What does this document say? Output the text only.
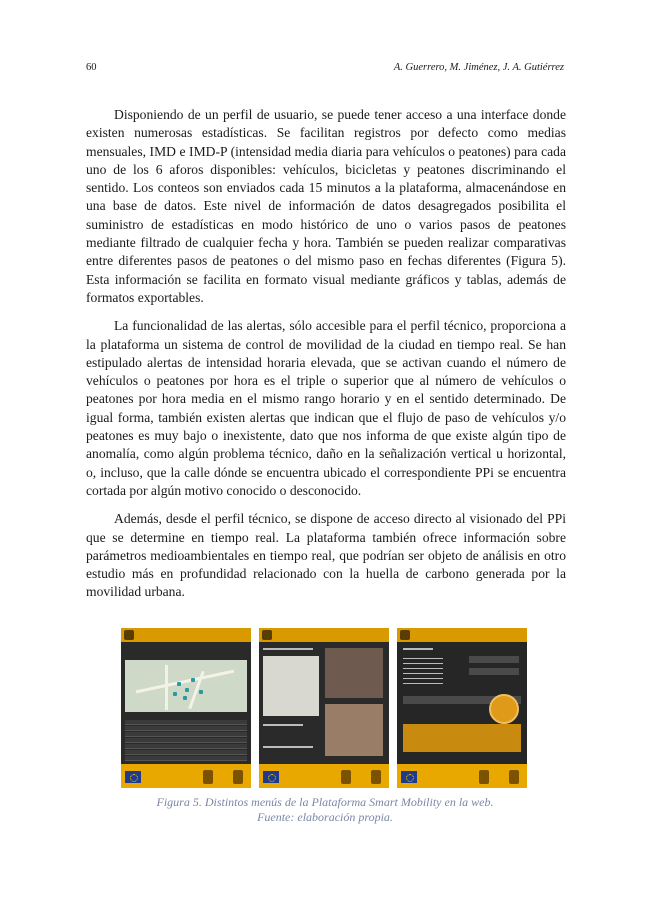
60	A. Guerrero, M. Jiménez, J. A. Gutiérrez

Disponiendo de un perfil de usuario, se puede tener acceso a una interface donde existen numerosas estadísticas. Se facilitan registros por defecto como medias mensuales, IMD e IMD-P (intensidad media diaria para vehículos o peatones) para cada uno de los 6 aforos disponibles: vehículos, bicicletas y peatones discriminando el sentido. Los conteos son enviados cada 15 minutos a la plataforma, almacenándose en una base de datos. Este nivel de información de datos desagregados posibilita el suministro de estadísticas en modo histórico de uno o varios pasos de peatones mediante filtrado de cualquier fecha y hora. También se pueden realizar comparativas entre diferentes pasos de peatones o del mismo paso en fechas diferentes (Figura 5). Esta información se facilita en formato visual mediante gráficos y tablas, además de formatos exportables.

La funcionalidad de las alertas, sólo accesible para el perfil técnico, proporciona a la plataforma un sistema de control de movilidad de la ciudad en tiempo real. Se han estipulado alertas de intensidad horaria elevada, que se activan cuando el número de vehículos o peatones por hora es el triple o superior que al número de vehículos o peatones por hora media en el mismo rango horario y en el sentido determinado. De igual forma, también existen alertas que indican que el flujo de paso de vehículos y/o peatones es muy bajo o inexistente, dato que nos informa de que existe algún tipo de anomalía, como algún problema técnico, daño en la señalización vertical u horizontal, o, incluso, que la calle dónde se encuentra ubicado el correspondiente PPi se encuentra cortada por algún motivo conocido o desconocido.

Además, desde el perfil técnico, se dispone de acceso directo al visionado del PPi que se determine en tiempo real. La plataforma también ofrece información sobre parámetros medioambientales en tiempo real, que podrían ser objeto de análisis en otro estudio más en profundidad relacionado con la huella de carbono generada por la movilidad urbana.

Figura 5. Distintos menús de la Plataforma Smart Mobility en la web.
Fuente: elaboración propia.
